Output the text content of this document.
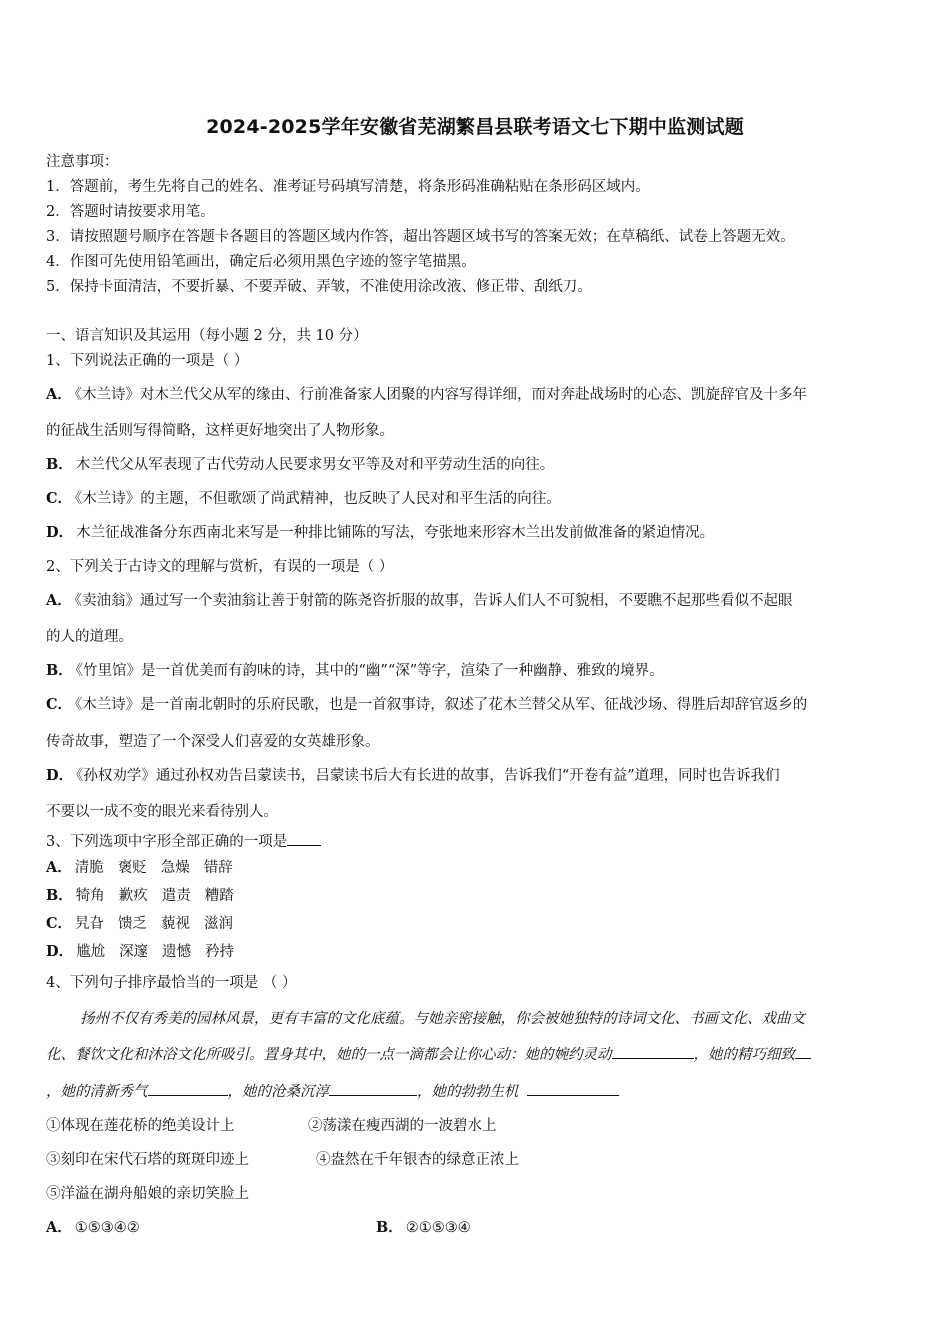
2024-2025学年安徽省芜湖繁昌县联考语文七下期中监测试题
注意事项：
1．答题前，考生先将自己的姓名、准考证号码填写清楚，将条形码准确粘贴在条形码区域内。
2．答题时请按要求用笔。
3．请按照题号顺序在答题卡各题目的答题区域内作答，超出答题区域书写的答案无效；在草稿纸、试卷上答题无效。
4．作图可先使用铅笔画出，确定后必须用黑色字迹的签字笔描黑。
5．保持卡面清洁，不要折暴、不要弄破、弄皱，不准使用涂改液、修正带、刮纸刀。
一、语言知识及其运用（每小题 2 分，共 10 分）
1、下列说法正确的一项是（ ）
A． 《木兰诗》对木兰代父从军的缘由、行前准备家人团聚的内容写得详细，而对奔赴战场时的心态、凯旋辞官及十多年
的征战生活则写得简略，这样更好地突出了人物形象。
B． 木兰代父从军表现了古代劳动人民要求男女平等及对和平劳动生活的向往。
C． 《木兰诗》的主题，不但歌颂了尚武精神，也反映了人民对和平生活的向往。
D． 木兰征战准备分东西南北来写是一种排比铺陈的写法，夸张地来形容木兰出发前做准备的紧迫情况。
2、下列关于古诗文的理解与赏析，有误的一项是（ ）
A． 《卖油翁》通过写一个卖油翁让善于射箭的陈尧咨折服的故事，告诉人们人不可貌相，不要瞧不起那些看似不起眼
的人的道理。
B． 《竹里馆》是一首优美而有韵味的诗，其中的“幽”“深”等字，渲染了一种幽静、雅致的境界。
C． 《木兰诗》是一首南北朝时的乐府民歌，也是一首叙事诗，叙述了花木兰替父从军、征战沙场、得胜后却辞官返乡的
传奇故事，塑造了一个深受人们喜爱的女英雄形象。
D． 《孙权劝学》通过孙权劝告吕蒙读书，吕蒙读书后大有长进的故事，告诉我们“开卷有益”道理，同时也告诉我们
不要以一成不变的眼光来看待别人。
3、下列选项中字形全部正确的一项是
A． 清脆 褒贬 急燥 错辞
B． 犄角 歉疚 遣责 糟踏
C． 旯旮 馈乏 藐视 滋润
D． 尴尬 深邃 遗憾 矜持
4、下列句子排序最恰当的一项是 （ ）
扬州不仅有秀美的园林风景，更有丰富的文化底蕴。与她亲密接触，你会被她独特的诗词文化、书画文化、戏曲文
化、餐饮文化和沐浴文化所吸引。置身其中，她的一点一滴都会让你心动：她的婉约灵动	，她的精巧细致
，她的清新秀气	，她的沧桑沉淳	，她的勃勃生机
①体现在莲花桥的绝美设计上	②荡漾在瘦西湖的一波碧水上
③刻印在宋代石塔的斑斑印迹上	④盎然在千年银杏的绿意正浓上
⑤洋溢在湖舟船娘的亲切笑脸上
A． ①⑤③④②	B． ②①⑤③④
